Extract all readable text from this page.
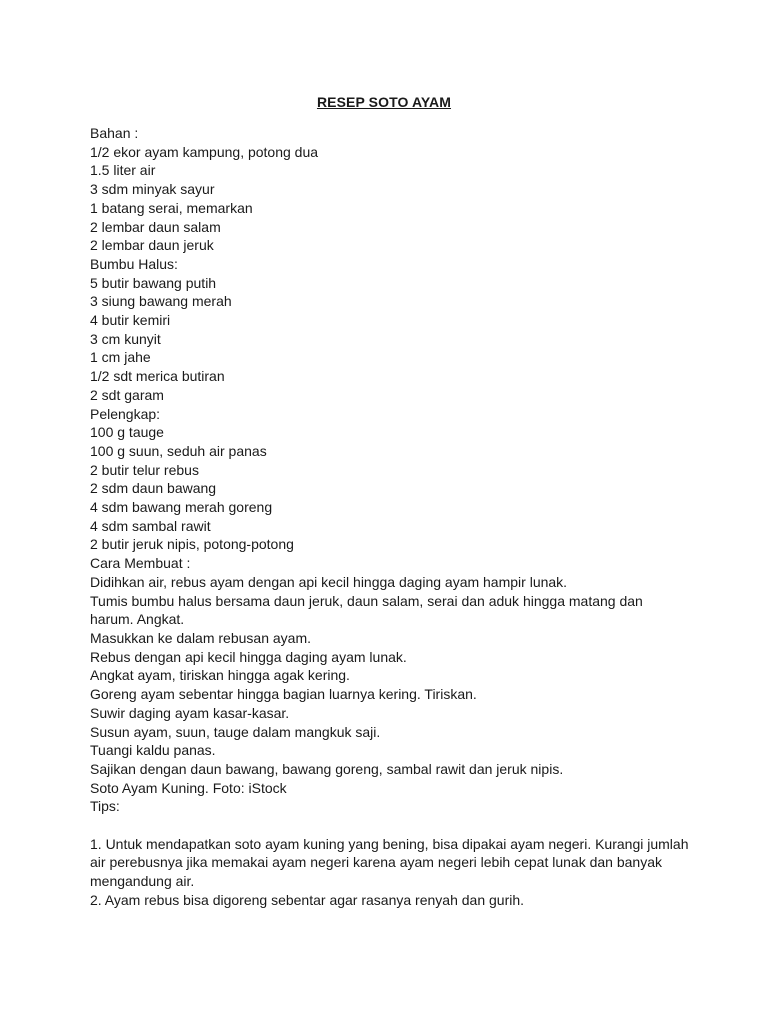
RESEP SOTO AYAM
Bahan :
1/2 ekor ayam kampung, potong dua
1.5 liter air
3 sdm minyak sayur
1 batang serai, memarkan
2 lembar daun salam
2 lembar daun jeruk
Bumbu Halus:
5 butir bawang putih
3 siung bawang merah
4 butir kemiri
3 cm kunyit
1 cm jahe
1/2 sdt merica butiran
2 sdt garam
Pelengkap:
100 g tauge
100 g suun, seduh air panas
2 butir telur rebus
2 sdm daun bawang
4 sdm bawang merah goreng
4 sdm sambal rawit
2 butir jeruk nipis, potong-potong
Cara Membuat :
Didihkan air, rebus ayam dengan api kecil hingga daging ayam hampir lunak.
Tumis bumbu halus bersama daun jeruk, daun salam, serai dan aduk hingga matang dan harum. Angkat.
Masukkan ke dalam rebusan ayam.
Rebus dengan api kecil hingga daging ayam lunak.
Angkat ayam, tiriskan hingga agak kering.
Goreng ayam sebentar hingga bagian luarnya kering. Tiriskan.
Suwir daging ayam kasar-kasar.
Susun ayam, suun, tauge dalam mangkuk saji.
Tuangi kaldu panas.
Sajikan dengan daun bawang, bawang goreng, sambal rawit dan jeruk nipis.
Soto Ayam Kuning. Foto: iStock
Tips:
1. Untuk mendapatkan soto ayam kuning yang bening, bisa dipakai ayam negeri. Kurangi jumlah air perebusnya jika memakai ayam negeri karena ayam negeri lebih cepat lunak dan banyak mengandung air.
2. Ayam rebus bisa digoreng sebentar agar rasanya renyah dan gurih.
